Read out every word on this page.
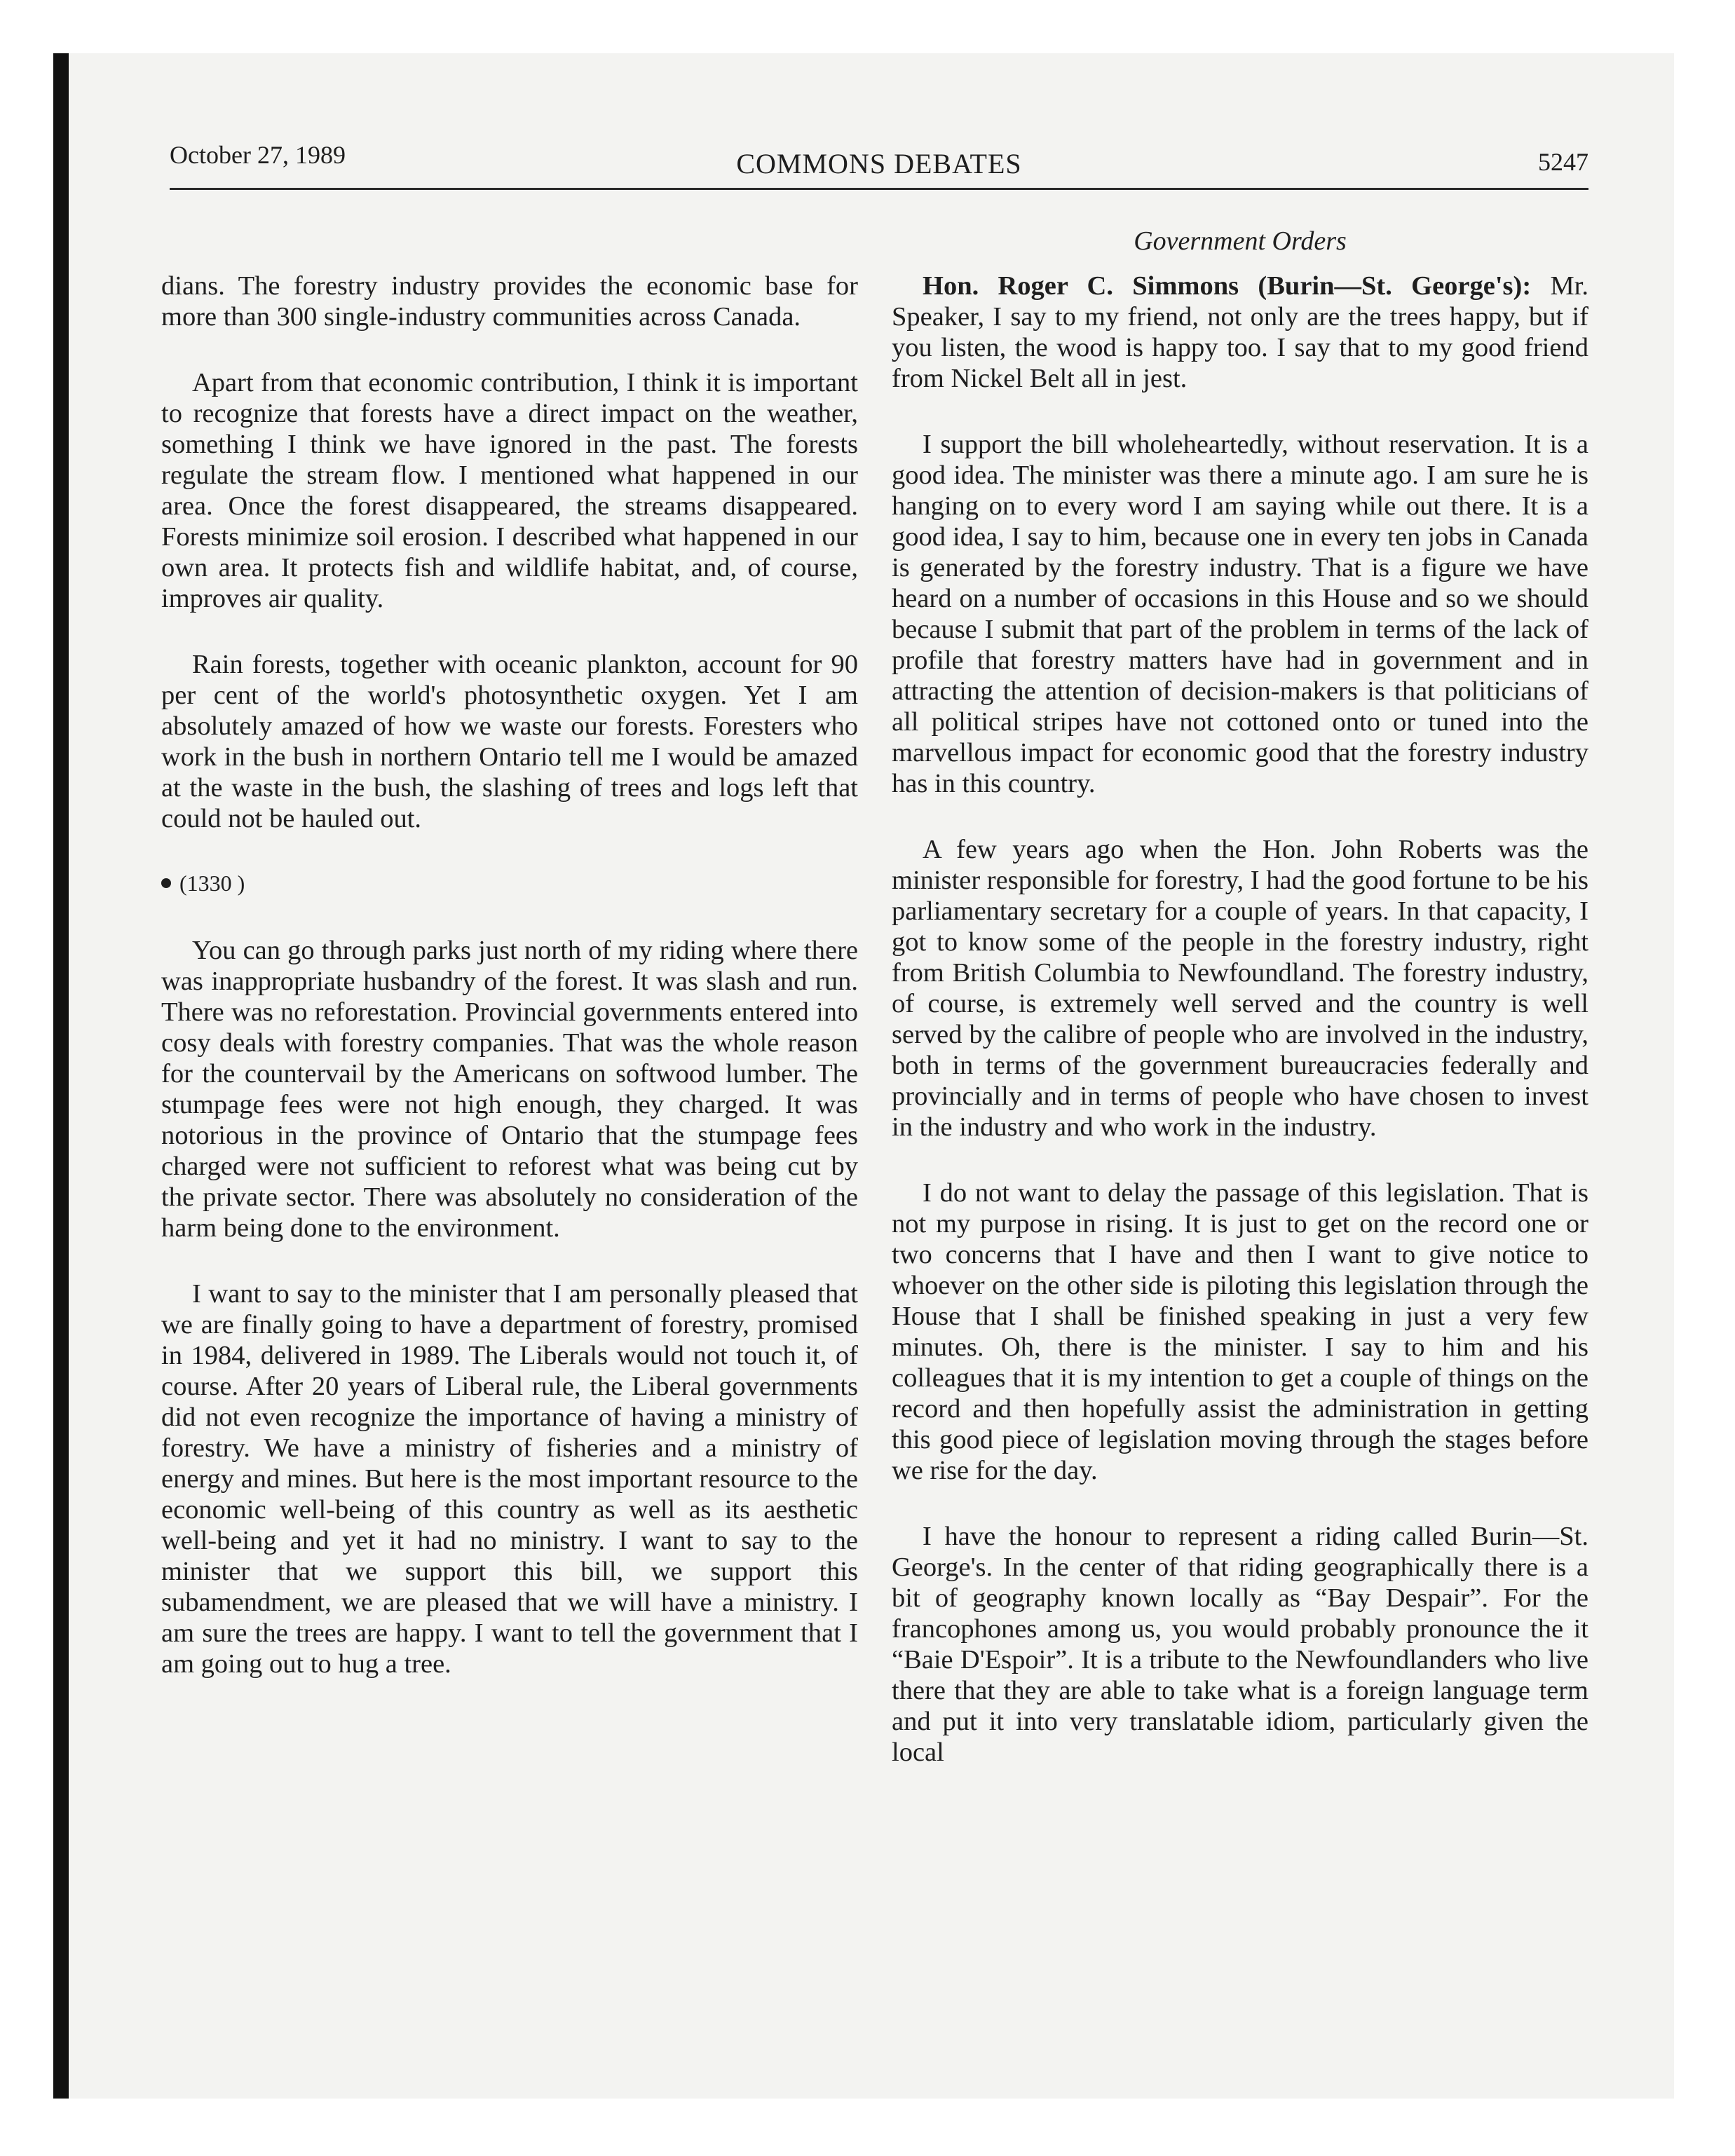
October 27, 1989	COMMONS DEBATES	5247
Government Orders

dians. The forestry industry provides the economic base for more than 300 single-industry communities across Canada.

Apart from that economic contribution, I think it is important to recognize that forests have a direct impact on the weather, something I think we have ignored in the past. The forests regulate the stream flow. I mentioned what happened in our area. Once the forest disappeared, the streams disappeared. Forests minimize soil erosion. I described what happened in our own area. It protects fish and wildlife habitat, and, of course, improves air quality.

Rain forests, together with oceanic plankton, account for 90 per cent of the world's photosynthetic oxygen. Yet I am absolutely amazed of how we waste our forests. Foresters who work in the bush in northern Ontario tell me I would be amazed at the waste in the bush, the slashing of trees and logs left that could not be hauled out.

(1330 )

You can go through parks just north of my riding where there was inappropriate husbandry of the forest. It was slash and run. There was no reforestation. Provincial governments entered into cosy deals with forestry companies. That was the whole reason for the countervail by the Americans on softwood lumber. The stumpage fees were not high enough, they charged. It was notorious in the province of Ontario that the stumpage fees charged were not sufficient to reforest what was being cut by the private sector. There was absolutely no consideration of the harm being done to the environment.

I want to say to the minister that I am personally pleased that we are finally going to have a department of forestry, promised in 1984, delivered in 1989. The Liberals would not touch it, of course. After 20 years of Liberal rule, the Liberal governments did not even recognize the importance of having a ministry of forestry. We have a ministry of fisheries and a ministry of energy and mines. But here is the most important resource to the economic well-being of this country as well as its aesthetic well-being and yet it had no ministry. I want to say to the minister that we support this bill, we support this subamendment, we are pleased that we will have a ministry. I am sure the trees are happy. I want to tell the government that I am going out to hug a tree.

Hon. Roger C. Simmons (Burin—St. George's): Mr. Speaker, I say to my friend, not only are the trees happy, but if you listen, the wood is happy too. I say that to my good friend from Nickel Belt all in jest.

I support the bill wholeheartedly, without reservation. It is a good idea. The minister was there a minute ago. I am sure he is hanging on to every word I am saying while out there. It is a good idea, I say to him, because one in every ten jobs in Canada is generated by the forestry industry. That is a figure we have heard on a number of occasions in this House and so we should because I submit that part of the problem in terms of the lack of profile that forestry matters have had in government and in attracting the attention of decision-makers is that politicians of all political stripes have not cottoned onto or tuned into the marvellous impact for economic good that the forestry industry has in this country.

A few years ago when the Hon. John Roberts was the minister responsible for forestry, I had the good fortune to be his parliamentary secretary for a couple of years. In that capacity, I got to know some of the people in the forestry industry, right from British Columbia to Newfoundland. The forestry industry, of course, is extremely well served and the country is well served by the calibre of people who are involved in the industry, both in terms of the government bureaucracies federally and provincially and in terms of people who have chosen to invest in the industry and who work in the industry.

I do not want to delay the passage of this legislation. That is not my purpose in rising. It is just to get on the record one or two concerns that I have and then I want to give notice to whoever on the other side is piloting this legislation through the House that I shall be finished speaking in just a very few minutes. Oh, there is the minister. I say to him and his colleagues that it is my intention to get a couple of things on the record and then hopefully assist the administration in getting this good piece of legislation moving through the stages before we rise for the day.

I have the honour to represent a riding called Burin—St. George's. In the center of that riding geographically there is a bit of geography known locally as “Bay Despair”. For the francophones among us, you would probably pronounce the it “Baie D'Espoir”. It is a tribute to the Newfoundlanders who live there that they are able to take what is a foreign language term and put it into very translatable idiom, particularly given the local
